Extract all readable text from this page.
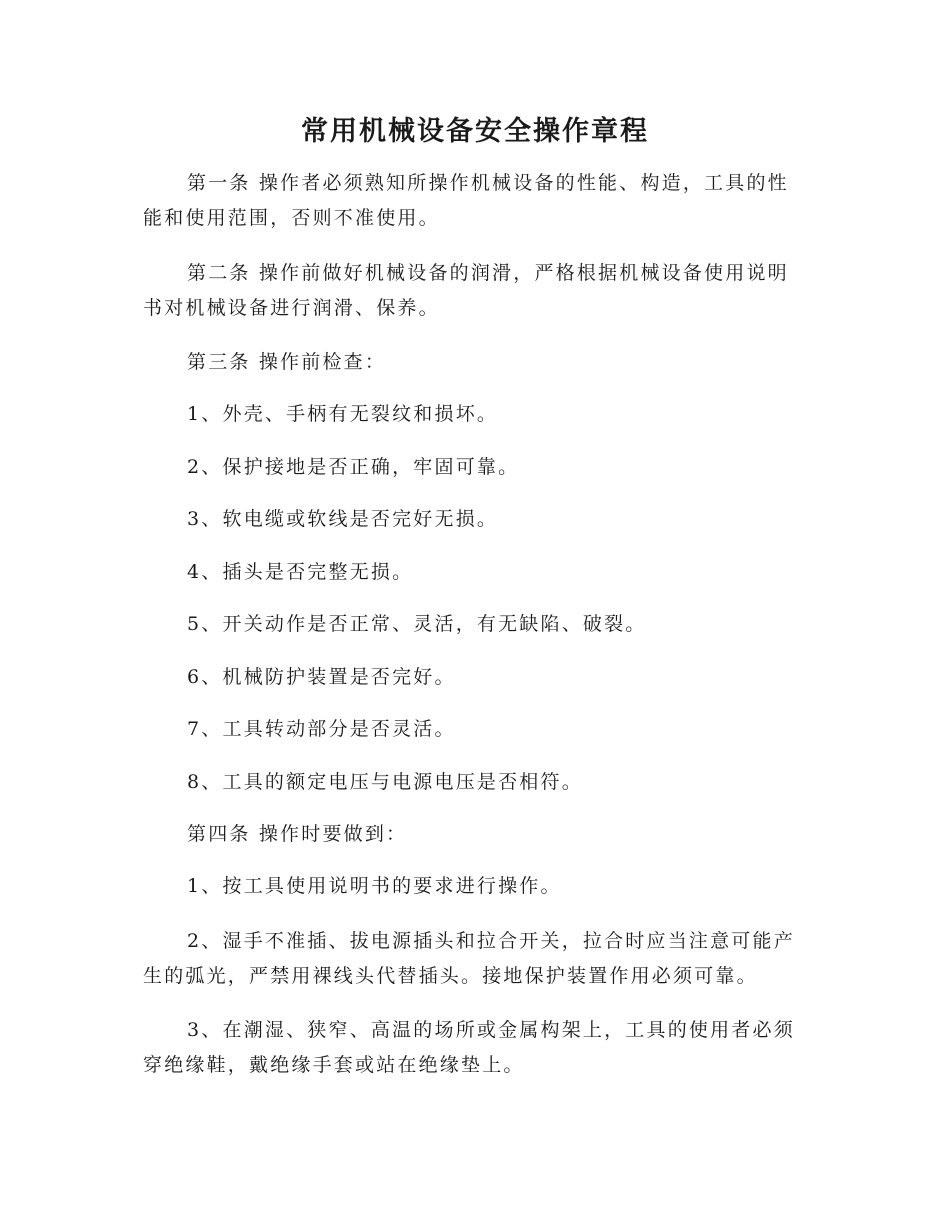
常用机械设备安全操作章程
第一条 操作者必须熟知所操作机械设备的性能、构造，工具的性
能和使用范围，否则不准使用。
第二条 操作前做好机械设备的润滑，严格根据机械设备使用说明
书对机械设备进行润滑、保养。
第三条 操作前检查：
1、外壳、手柄有无裂纹和损坏。
2、保护接地是否正确，牢固可靠。
3、软电缆或软线是否完好无损。
4、插头是否完整无损。
5、开关动作是否正常、灵活，有无缺陷、破裂。
6、机械防护装置是否完好。
7、工具转动部分是否灵活。
8、工具的额定电压与电源电压是否相符。
第四条 操作时要做到：
1、按工具使用说明书的要求进行操作。
2、湿手不准插、拔电源插头和拉合开关，拉合时应当注意可能产
生的弧光，严禁用裸线头代替插头。接地保护装置作用必须可靠。
3、在潮湿、狭窄、高温的场所或金属构架上，工具的使用者必须
穿绝缘鞋，戴绝缘手套或站在绝缘垫上。
